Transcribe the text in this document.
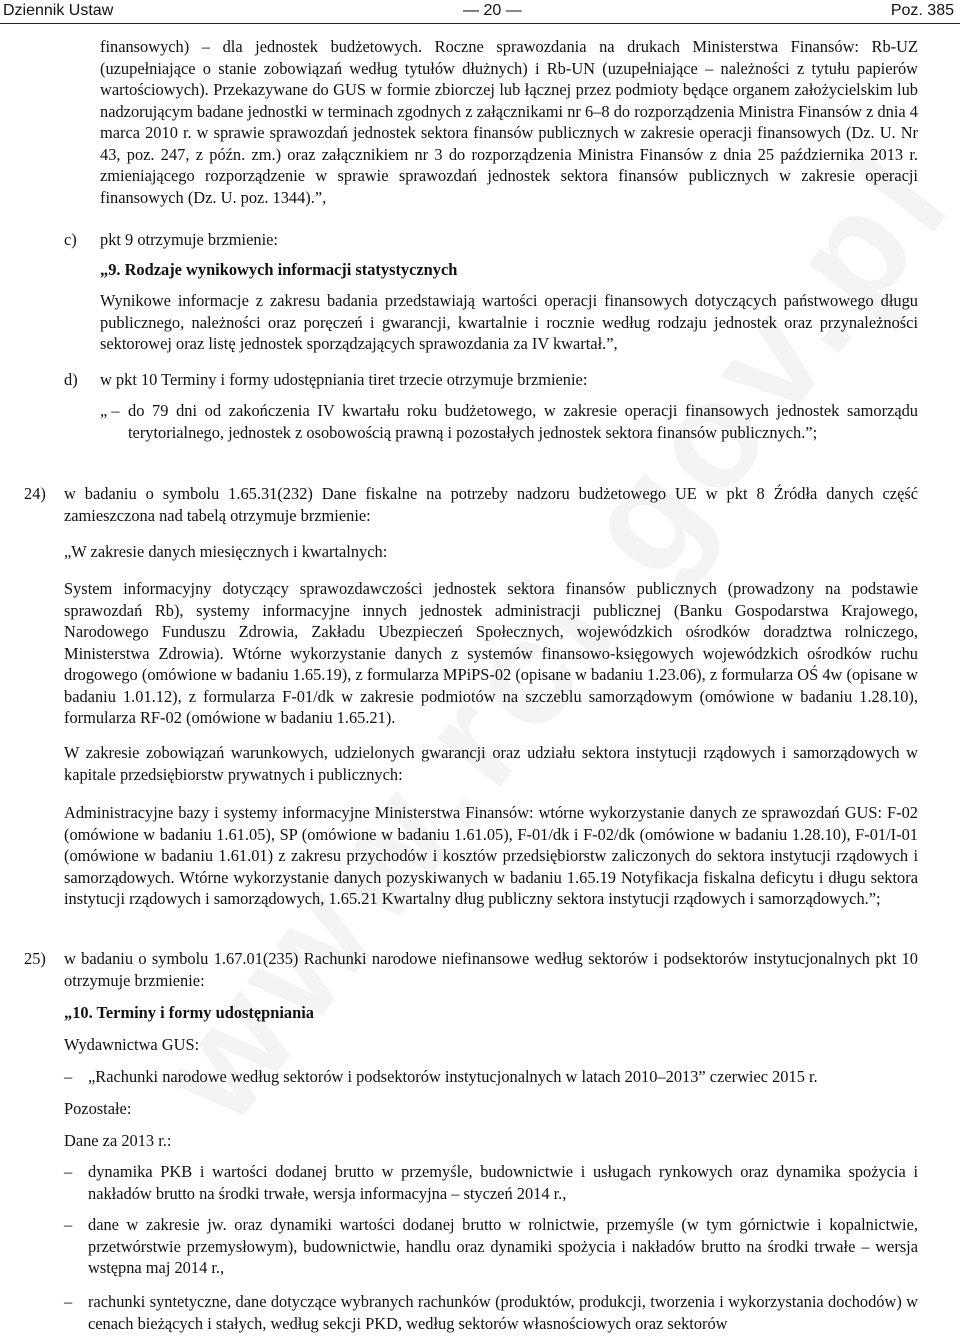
Dziennik Ustaw	— 20 —	Poz. 385
finansowych) – dla jednostek budżetowych. Roczne sprawozdania na drukach Ministerstwa Finansów: Rb-UZ (uzupełniające o stanie zobowiązań według tytułów dłużnych) i Rb-UN (uzupełniające – należności z tytułu papierów wartościowych). Przekazywane do GUS w formie zbiorczej lub łącznej przez podmioty będące organem założycielskim lub nadzorującym badane jednostki w terminach zgodnych z załącznikami nr 6–8 do rozporządzenia Ministra Finansów z dnia 4 marca 2010 r. w sprawie sprawozdań jednostek sektora finansów publicznych w zakresie operacji finansowych (Dz. U. Nr 43, poz. 247, z późn. zm.) oraz załącznikiem nr 3 do rozporządzenia Ministra Finansów z dnia 25 października 2013 r. zmieniającego rozporządzenie w sprawie sprawozdań jednostek sektora finansów publicznych w zakresie operacji finansowych (Dz. U. poz. 1344).”,
c) pkt 9 otrzymuje brzmienie:
„9. Rodzaje wynikowych informacji statystycznych
Wynikowe informacje z zakresu badania przedstawiają wartości operacji finansowych dotyczących państwowego długu publicznego, należności oraz poręczeń i gwarancji, kwartalnie i rocznie według rodzaju jednostek oraz przynależności sektorowej oraz listę jednostek sporządzających sprawozdania za IV kwartał.”,
d) w pkt 10 Terminy i formy udostępniania tiret trzecie otrzymuje brzmienie:
„ – do 79 dni od zakończenia IV kwartału roku budżetowego, w zakresie operacji finansowych jednostek samorządu terytorialnego, jednostek z osobowością prawną i pozostałych jednostek sektora finansów publicznych.”;
24) w badaniu o symbolu 1.65.31(232) Dane fiskalne na potrzeby nadzoru budżetowego UE w pkt 8 Źródła danych część zamieszczona nad tabelą otrzymuje brzmienie:
„W zakresie danych miesięcznych i kwartalnych:
System informacyjny dotyczący sprawozdawczości jednostek sektora finansów publicznych (prowadzony na podstawie sprawozdań Rb), systemy informacyjne innych jednostek administracji publicznej (Banku Gospodarstwa Krajowego, Narodowego Funduszu Zdrowia, Zakładu Ubezpieczeń Społecznych, wojewódzkich ośrodków doradztwa rolniczego, Ministerstwa Zdrowia). Wtórne wykorzystanie danych z systemów finansowo-księgowych wojewódzkich ośrodków ruchu drogowego (omówione w badaniu 1.65.19), z formularza MPiPS-02 (opisane w badaniu 1.23.06), z formularza OŚ 4w (opisane w badaniu 1.01.12), z formularza F-01/dk w zakresie podmiotów na szczeblu samorządowym (omówione w badaniu 1.28.10), formularza RF-02 (omówione w badaniu 1.65.21).
W zakresie zobowiązań warunkowych, udzielonych gwarancji oraz udziału sektora instytucji rządowych i samorządowych w kapitale przedsiębiorstw prywatnych i publicznych:
Administracyjne bazy i systemy informacyjne Ministerstwa Finansów: wtórne wykorzystanie danych ze sprawozdań GUS: F-02 (omówione w badaniu 1.61.05), SP (omówione w badaniu 1.61.05), F-01/dk i F-02/dk (omówione w badaniu 1.28.10), F-01/I-01 (omówione w badaniu 1.61.01) z zakresu przychodów i kosztów przedsiębiorstw zaliczonych do sektora instytucji rządowych i samorządowych. Wtórne wykorzystanie danych pozyskiwanych w badaniu 1.65.19 Notyfikacja fiskalna deficytu i długu sektora instytucji rządowych i samorządowych, 1.65.21 Kwartalny dług publiczny sektora instytucji rządowych i samorządowych.”;
25) w badaniu o symbolu 1.67.01(235) Rachunki narodowe niefinansowe według sektorów i podsektorów instytucjonalnych pkt 10 otrzymuje brzmienie:
„10. Terminy i formy udostępniania
Wydawnictwa GUS:
– „Rachunki narodowe według sektorów i podsektorów instytucjonalnych w latach 2010–2013” czerwiec 2015 r.
Pozostałe:
Dane za 2013 r.:
– dynamika PKB i wartości dodanej brutto w przemyśle, budownictwie i usługach rynkowych oraz dynamika spożycia i nakładów brutto na środki trwałe, wersja informacyjna – styczeń 2014 r.,
– dane w zakresie jw. oraz dynamiki wartości dodanej brutto w rolnictwie, przemyśle (w tym górnictwie i kopalnictwie, przetwórstwie przemysłowym), budownictwie, handlu oraz dynamiki spożycia i nakładów brutto na środki trwałe – wersja wstępna maj 2014 r.,
– rachunki syntetyczne, dane dotyczące wybranych rachunków (produktów, produkcji, tworzenia i wykorzystania dochodów) w cenach bieżących i stałych, według sekcji PKD, według sektorów własnościowych oraz sektorów
